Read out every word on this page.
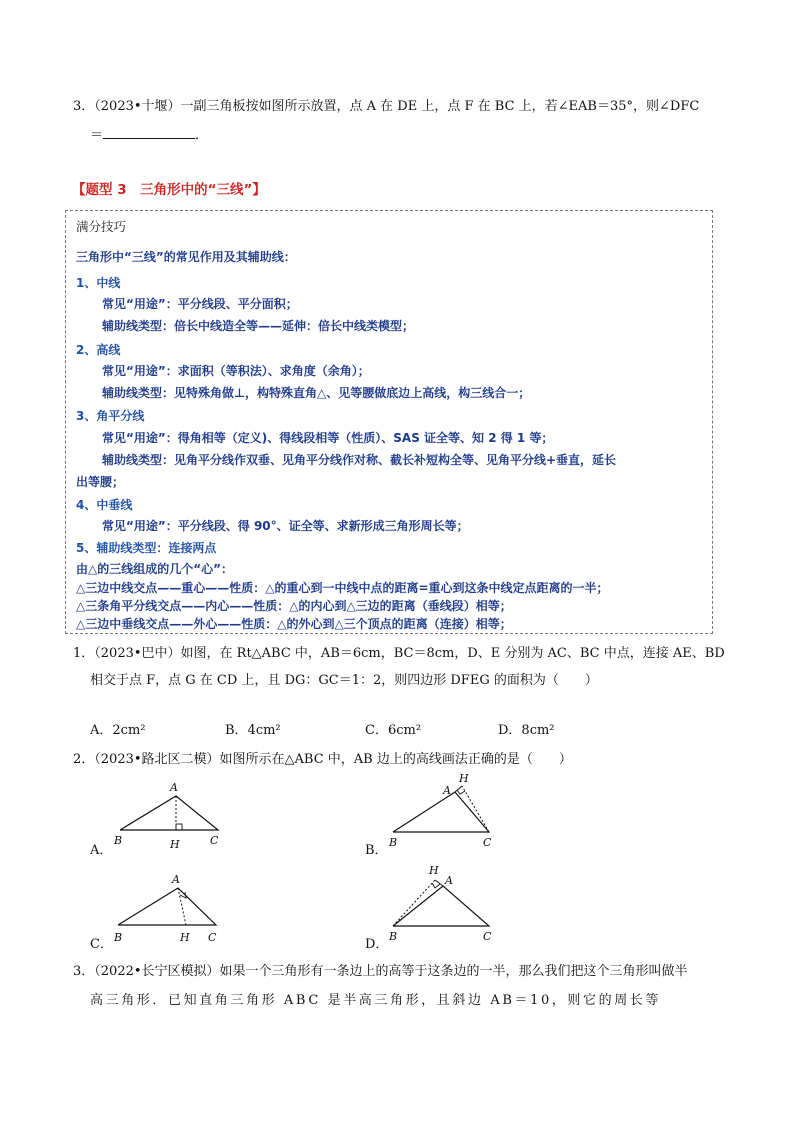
3．（2023•十堰）一副三角板按如图所示放置，点 A 在 DE 上，点 F 在 BC 上，若∠EAB＝35°，则∠DFC
＝	．
【题型 3　三角形中的“三线”】
满分技巧
三角形中“三线”的常见作用及其辅助线：
1、中线
常见“用途”：平分线段、平分面积；
辅助线类型：倍长中线造全等——延伸：倍长中线类模型；
2、高线
常见“用途”：求面积（等积法）、求角度（余角）；
辅助线类型：见特殊角做⊥，构特殊直角△、见等腰做底边上高线，构三线合一；
3、角平分线
常见“用途”：得角相等（定义)、得线段相等（性质）、SAS 证全等、知 2 得 1 等；
辅助线类型：见角平分线作双垂、见角平分线作对称、截长补短构全等、见角平分线+垂直，延长
出等腰；
4、中垂线
常见“用途”：平分线段、得 90°、证全等、求新形成三角形周长等；
5、辅助线类型：连接两点
由△的三线组成的几个“心”：
△三边中线交点——重心——性质：△的重心到一中线中点的距离=重心到这条中线定点距离的一半；
△三条角平分线交点——内心——性质：△的内心到△三边的距离（垂线段）相等；
△三边中垂线交点——外心——性质：△的外心到△三个顶点的距离（连接）相等；
1．（2023•巴中）如图，在 Rt△ABC 中，AB＝6cm，BC＝8cm，D、E 分别为 AC、BC 中点，连接 AE、BD
相交于点 F，点 G 在 CD 上，且 DG：GC＝1：2，则四边形 DFEG 的面积为（　　）
A．2cm²	B．4cm²	C．6cm²	D．8cm²
2．（2023•路北区二模）如图所示在△ABC 中，AB 边上的高线画法正确的是（　　）
A．
A
B	H	C
B．
H
A
B	C
C．
A
B	H C	D．
H
A
B	C
3．（2022•长宁区模拟）如果一个三角形有一条边上的高等于这条边的一半，那么我们把这个三角形叫做半
高三角形．已知直角三角形 ABC 是半高三角形，且斜边 AB＝10，则它的周长等
